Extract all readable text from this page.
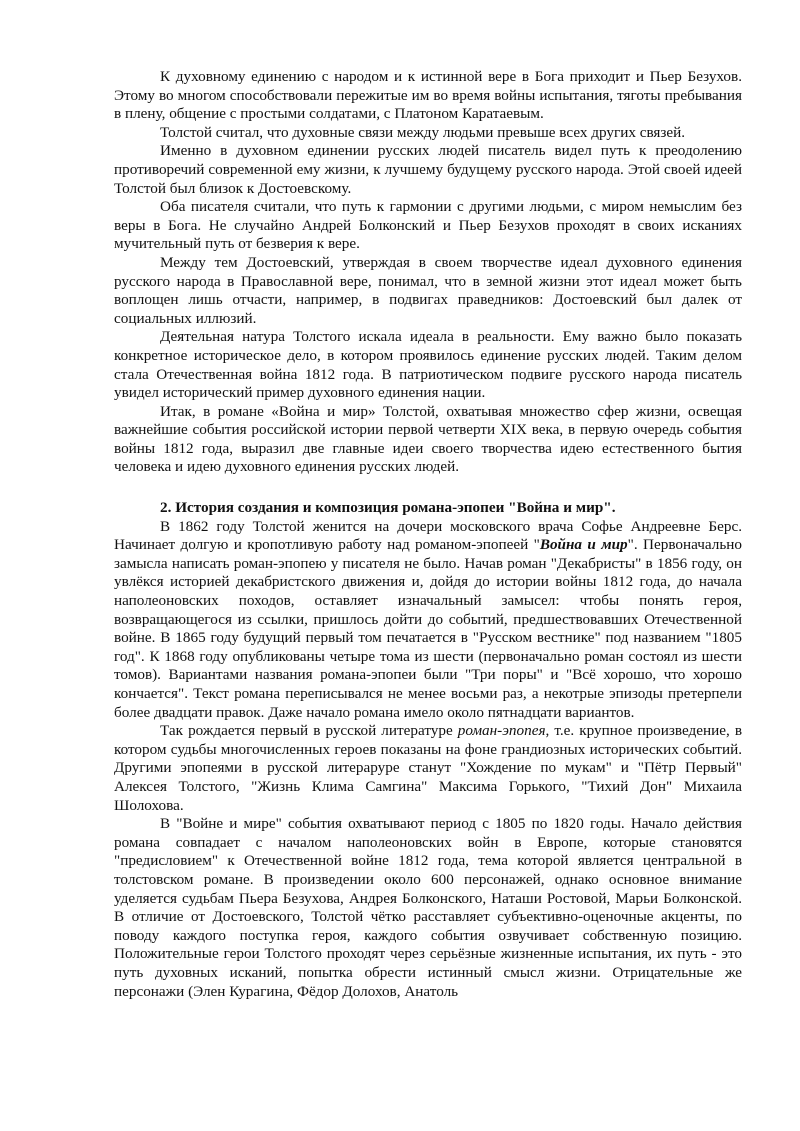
К духовному единению с народом и к истинной вере в Бога приходит и Пьер Безухов. Этому во многом способствовали пережитые им во время войны испытания, тяготы пребывания в плену, общение с простыми солдатами, с Платоном Каратаевым.

Толстой считал, что духовные связи между людьми превыше всех других связей.

Именно в духовном единении русских людей писатель видел путь к преодолению противоречий современной ему жизни, к лучшему будущему русского народа. Этой своей идеей Толстой был близок к Достоевскому.

Оба писателя считали, что путь к гармонии с другими людьми, с миром немыслим без веры в Бога. Не случайно Андрей Болконский и Пьер Безухов проходят в своих исканиях мучительный путь от безверия к вере.

Между тем Достоевский, утверждая в своем творчестве идеал духовного единения русского народа в Православной вере, понимал, что в земной жизни этот идеал может быть воплощен лишь отчасти, например, в подвигах праведников: Достоевский был далек от социальных иллюзий.

Деятельная натура Толстого искала идеала в реальности. Ему важно было показать конкретное историческое дело, в котором проявилось единение русских людей. Таким делом стала Отечественная война 1812 года. В патриотическом подвиге русского народа писатель увидел исторический пример духовного единения нации.

Итак, в романе «Война и мир» Толстой, охватывая множество сфер жизни, освещая важнейшие события российской истории первой четверти XIX века, в первую очередь события войны 1812 года, выразил две главные идеи своего творчества идею естественного бытия человека и идею духовного единения русских людей.

2. История создания и композиция романа-эпопеи "Война и мир".

В 1862 году Толстой женится на дочери московского врача Софье Андреевне Берс. Начинает долгую и кропотливую работу над романом-эпопеей "Война и мир". Первоначально замысла написать роман-эпопею у писателя не было. Начав роман "Декабристы" в 1856 году, он увлёкся историей декабристского движения и, дойдя до истории войны 1812 года, до начала наполеоновских походов, оставляет изначальный замысел: чтобы понять героя, возвращающегося из ссылки, пришлось дойти до событий, предшествовавших Отечественной войне. В 1865 году будущий первый том печатается в "Русском вестнике" под названием "1805 год". К 1868 году опубликованы четыре тома из шести (первоначально роман состоял из шести томов). Вариантами названия романа-эпопеи были "Три поры" и "Всё хорошо, что хорошо кончается". Текст романа переписывался не менее восьми раз, а некотрые эпизоды претерпели более двадцати правок. Даже начало романа имело около пятнадцати вариантов.

Так рождается первый в русской литературе роман-эпопея, т.е. крупное произведение, в котором судьбы многочисленных героев показаны на фоне грандиозных исторических событий. Другими эпопеями в русской литераруре станут "Хождение по мукам" и "Пётр Первый" Алексея Толстого, "Жизнь Клима Самгина" Максима Горького, "Тихий Дон" Михаила Шолохова.

В "Войне и мире" события охватывают период с 1805 по 1820 годы. Начало действия романа совпадает с началом наполеоновских войн в Европе, которые становятся "предисловием" к Отечественной войне 1812 года, тема которой является центральной в толстовском романе. В произведении около 600 персонажей, однако основное внимание уделяется судьбам Пьера Безухова, Андрея Болконского, Наташи Ростовой, Марьи Болконской. В отличие от Достоевского, Толстой чётко расставляет субъективно-оценочные акценты, по поводу каждого поступка героя, каждого события озвучивает собственную позицию. Положительные герои Толстого проходят через серьёзные жизненные испытания, их путь - это путь духовных исканий, попытка обрести истинный смысл жизни. Отрицательные же персонажи (Элен Курагина, Фёдор Долохов, Анатоль
